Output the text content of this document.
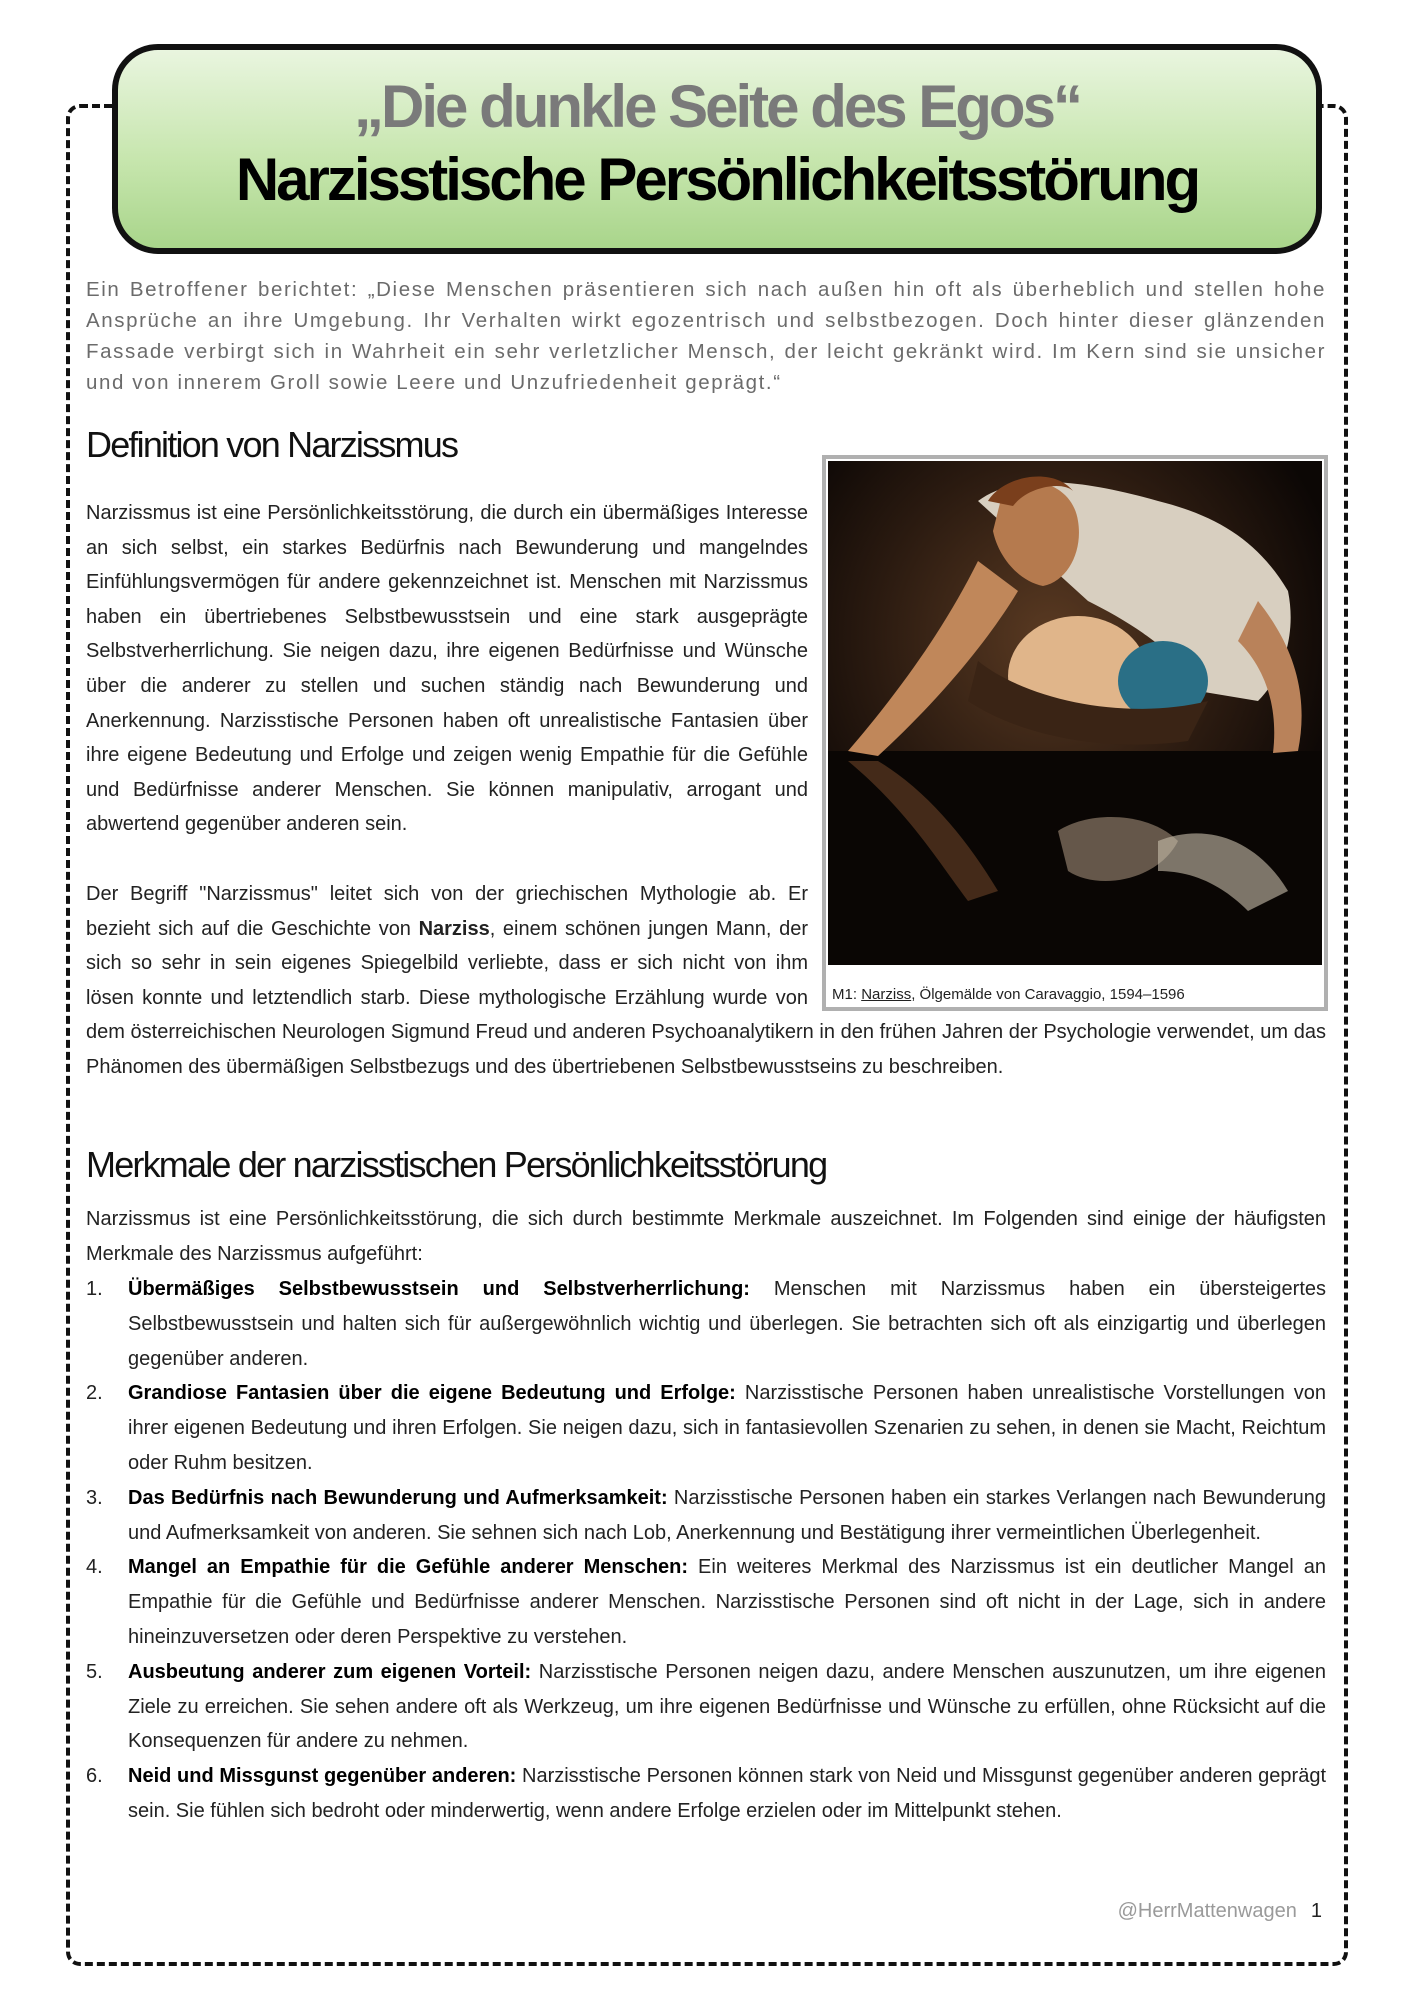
„Die dunkle Seite des Egos“
Narzisstische Persönlichkeitsstörung
Ein Betroffener berichtet: „Diese Menschen präsentieren sich nach außen hin oft als überheblich und stellen hohe Ansprüche an ihre Umgebung. Ihr Verhalten wirkt egozentrisch und selbstbezogen. Doch hinter dieser glänzenden Fassade verbirgt sich in Wahrheit ein sehr verletzlicher Mensch, der leicht gekränkt wird. Im Kern sind sie unsicher und von innerem Groll sowie Leere und Unzufriedenheit geprägt.“
Definition von Narzissmus
M1: Narziss, Ölgemälde von Caravaggio, 1594–1596

Narzissmus ist eine Persönlichkeitsstörung, die durch ein übermäßiges Interesse an sich selbst, ein starkes Bedürfnis nach Bewunderung und mangelndes Einfühlungsvermögen für andere gekennzeichnet ist. Menschen mit Narzissmus haben ein übertriebenes Selbstbewusstsein und eine stark ausgeprägte Selbstverherrlichung. Sie neigen dazu, ihre eigenen Bedürfnisse und Wünsche über die anderer zu stellen und suchen ständig nach Bewunderung und Anerkennung. Narzisstische Personen haben oft unrealistische Fantasien über ihre eigene Bedeutung und Erfolge und zeigen wenig Empathie für die Gefühle und Bedürfnisse anderer Menschen. Sie können manipulativ, arrogant und abwertend gegenüber anderen sein.

Der Begriff "Narzissmus" leitet sich von der griechischen Mythologie ab. Er bezieht sich auf die Geschichte von Narziss, einem schönen jungen Mann, der sich so sehr in sein eigenes Spiegelbild verliebte, dass er sich nicht von ihm lösen konnte und letztendlich starb. Diese mythologische Erzählung wurde von dem österreichischen Neurologen Sigmund Freud und anderen Psychoanalytikern in den frühen Jahren der Psychologie verwendet, um das Phänomen des übermäßigen Selbstbezugs und des übertriebenen Selbstbewusstseins zu beschreiben.

Merkmale der narzisstischen Persönlichkeitsstörung

Narzissmus ist eine Persönlichkeitsstörung, die sich durch bestimmte Merkmale auszeichnet. Im Folgenden sind einige der häufigsten Merkmale des Narzissmus aufgeführt:

1. Übermäßiges Selbstbewusstsein und Selbstverherrlichung: Menschen mit Narzissmus haben ein übersteigertes Selbstbewusstsein und halten sich für außergewöhnlich wichtig und überlegen. Sie betrachten sich oft als einzigartig und überlegen gegenüber anderen.
2. Grandiose Fantasien über die eigene Bedeutung und Erfolge: Narzisstische Personen haben unrealistische Vorstellungen von ihrer eigenen Bedeutung und ihren Erfolgen. Sie neigen dazu, sich in fantasievollen Szenarien zu sehen, in denen sie Macht, Reichtum oder Ruhm besitzen.
3. Das Bedürfnis nach Bewunderung und Aufmerksamkeit: Narzisstische Personen haben ein starkes Verlangen nach Bewunderung und Aufmerksamkeit von anderen. Sie sehnen sich nach Lob, Anerkennung und Bestätigung ihrer vermeintlichen Überlegenheit.
4. Mangel an Empathie für die Gefühle anderer Menschen: Ein weiteres Merkmal des Narzissmus ist ein deutlicher Mangel an Empathie für die Gefühle und Bedürfnisse anderer Menschen. Narzisstische Personen sind oft nicht in der Lage, sich in andere hineinzuversetzen oder deren Perspektive zu verstehen.
5. Ausbeutung anderer zum eigenen Vorteil: Narzisstische Personen neigen dazu, andere Menschen auszunutzen, um ihre eigenen Ziele zu erreichen. Sie sehen andere oft als Werkzeug, um ihre eigenen Bedürfnisse und Wünsche zu erfüllen, ohne Rücksicht auf die Konsequenzen für andere zu nehmen.
6. Neid und Missgunst gegenüber anderen: Narzisstische Personen können stark von Neid und Missgunst gegenüber anderen geprägt sein. Sie fühlen sich bedroht oder minderwertig, wenn andere Erfolge erzielen oder im Mittelpunkt stehen.
@HerrMattenwagen 1
